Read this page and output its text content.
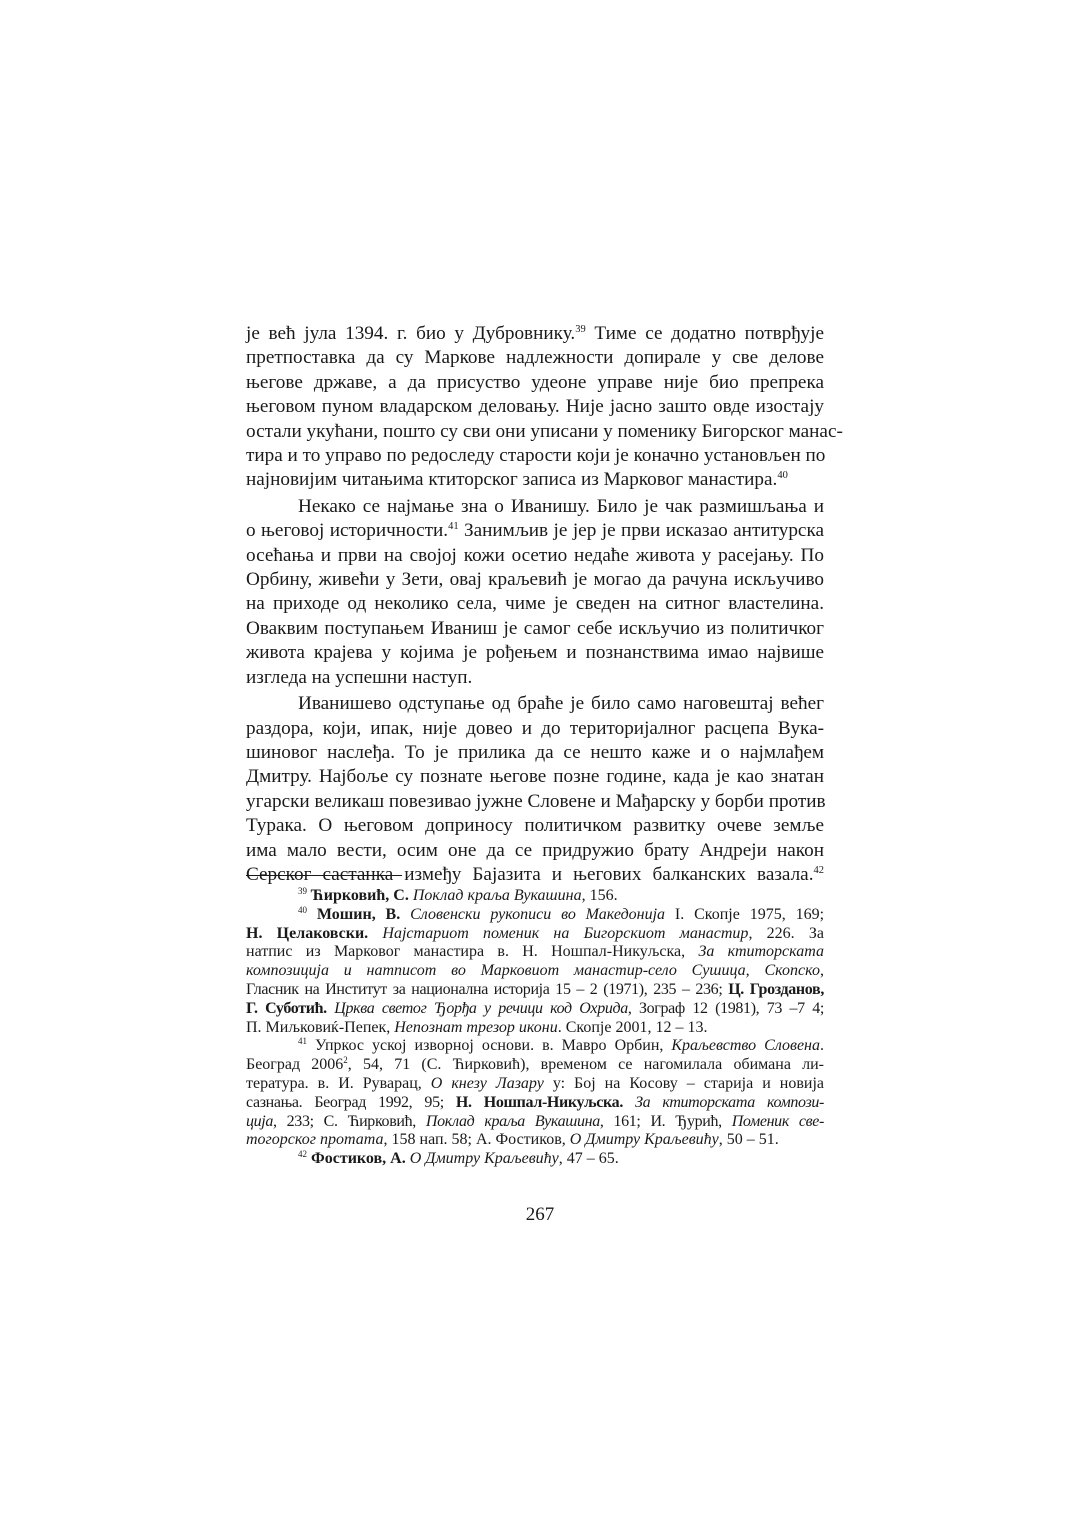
је већ јула 1394. г. био у Дубровнику.$^{39}$ Тиме се додатно потврђује
претпоставка да су Маркове надлежности допирале у све делове
његове државе, а да присуство удеоне управе није био препрека
његовом пуном владарском деловању. Није јасно зашто овде изостају
остали укућани, пошто су сви они уписани у поменику Бигорског манас-
тира и то управо по редоследу старости који је коначно установљен по
најновијим читањима ктиторског записа из Марковог манастира.$^{40}$

Некако се најмање зна о Иванишу. Било је чак размишљања и
о његовој историчности.$^{41}$ Занимљив је јер је први исказао антитурска
осећања и први на својој кожи осетио недаће живота у расејању. По
Орбину, живећи у Зети, овај краљевић је могао да рачуна искључиво
на приходе од неколико села, чиме је сведен на ситног властелина.
Оваквим поступањем Иваниш је самог себе искључио из политичког
живота крајева у којима је рођењем и познанствима имао највише
изгледа на успешни наступ.

Иванишево одступање од браће је било само наговештај већег
раздора, који, ипак, није довео и до територијалног расцепа Вука-
шиновог наслеђа. То је прилика да се нешто каже и о најмлађем
Дмитру. Најбоље су познате његове позне године, када је као знатан
угарски великаш повезивао јужне Словене и Мађарску у борби против
Турака. О његовом доприносу политичком развитку очеве земље
има мало вести, осим оне да се придружио брату Андреји након
Серског састанка између Бајазита и његових балканских вазала.$^{42}$

$^{39}$ Ћирковић, С. Поклад краља Вукашина, 156.
$^{40}$ Мошин, В. Словенски рукописи во Македонија I. Скопје 1975, 169;
Н. Целаковски. Најстариот поменик на Бигорскиот манастир, 226. За
натпис из Марковог манастира в. Н. Ношпал-Никуљска, За ктиторската
композиција и натписот во Марковиот манастир-село Сушица, Скопско,
Гласник на Институт за национална историја 15 – 2 (1971), 235 – 236; Ц. Грозданов,
Г. Суботић. Црква светог Ђорђа у речици код Охрида, Зограф 12 (1981), 73 –7 4;
П. Миљковиќ-Пепек, Непознат трезор икони. Скопје 2001, 12 – 13.
$^{41}$ Упркос уској изворној основи. в. Мавро Орбин, Краљевство Словена.
Београд 2006$^2$, 54, 71 (С. Ћирковић), временом се нагомилала обимана ли-
тература. в. И. Руварац, О кнезу Лазару у: Бој на Косову – старија и новија
сазнања. Београд 1992, 95; Н. Ношпал-Никуљска. За ктиторската компози-
ција, 233; С. Ћирковић, Поклад краља Вукашина, 161; И. Ђурић, Поменик све-
тогорског протата, 158 нап. 58; А. Фостиков, О Дмитру Краљевићу, 50 – 51.
$^{42}$ Фостиков, А. О Дмитру Краљевићу, 47 – 65.
267
